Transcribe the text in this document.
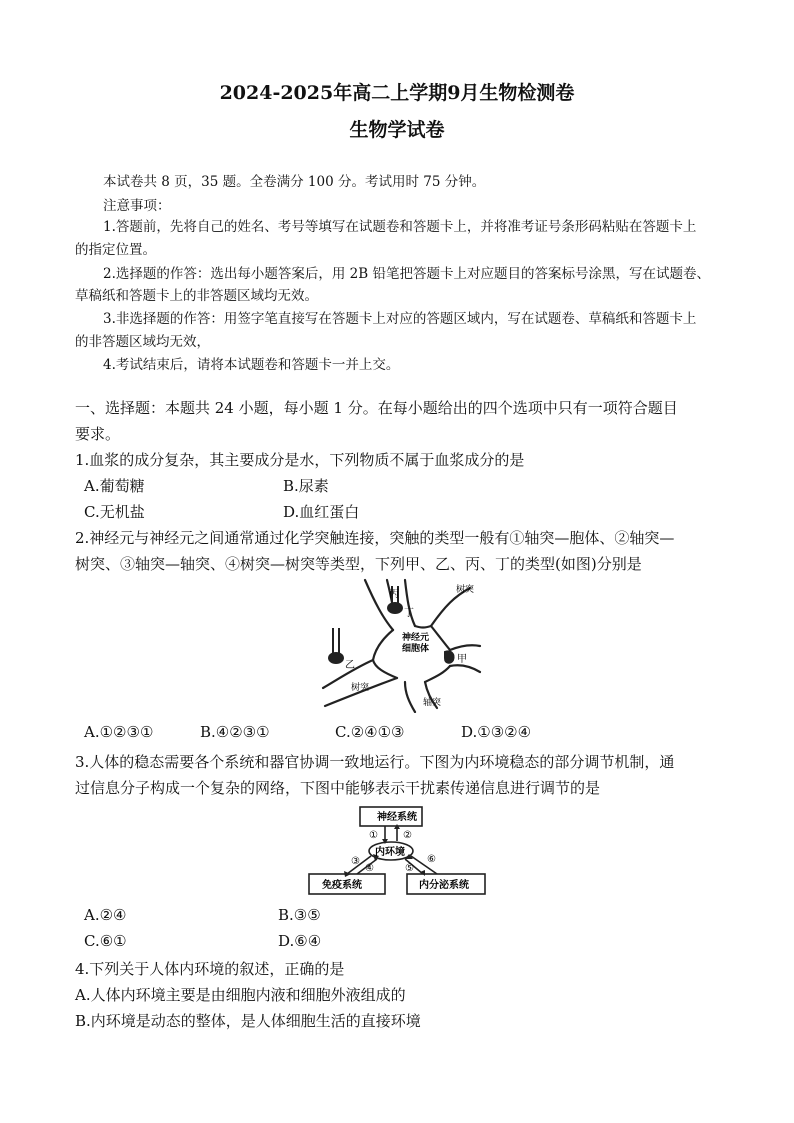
2024-2025年高二上学期9月生物检测卷
生物学试卷
本试卷共 8 页，35 题。全卷满分 100 分。考试用时 75 分钟。
注意事项：
1.答题前，先将自己的姓名、考号等填写在试题卷和答题卡上，并将准考证号条形码粘贴在答题卡上
的指定位置。
2.选择题的作答：选出每小题答案后，用 2B 铅笔把答题卡上对应题目的答案标号涂黑，写在试题卷、
草稿纸和答题卡上的非答题区域均无效。
3.非选择题的作答：用签字笔直接写在答题卡上对应的答题区域内，写在试题卷、草稿纸和答题卡上
的非答题区域均无效，
4.考试结束后，请将本试题卷和答题卡一并上交。
一、选择题：本题共 24 小题，每小题 1 分。在每小题给出的四个选项中只有一项符合题目
要求。
1.血浆的成分复杂，其主要成分是水，下列物质不属于血浆成分的是
A.葡萄糖	B.尿素
C.无机盐	D.血红蛋白
2.神经元与神经元之间通常通过化学突触连接，突触的类型一般有①轴突—胞体、②轴突—
树突、③轴突—轴突、④树突—树突等类型，下列甲、乙、丙、丁的类型(如图)分别是
丙
丁
树突
神经元
细胞体
甲
乙
树突
轴突
A.①②③①	B.④②③①	C.②④①③	D.①③②④
3.人体的稳态需要各个系统和器官协调一致地运行。下图为内环境稳态的部分调节机制，通
过信息分子构成一个复杂的网络，下图中能够表示干扰素传递信息进行调节的是
神经系统
内环境
免疫系统	内分泌系统
①	②
③
④	⑤
⑥
A.②④	B.③⑤
C.⑥①	D.⑥④
4.下列关于人体内环境的叙述，正确的是
A.人体内环境主要是由细胞内液和细胞外液组成的
B.内环境是动态的整体，是人体细胞生活的直接环境
